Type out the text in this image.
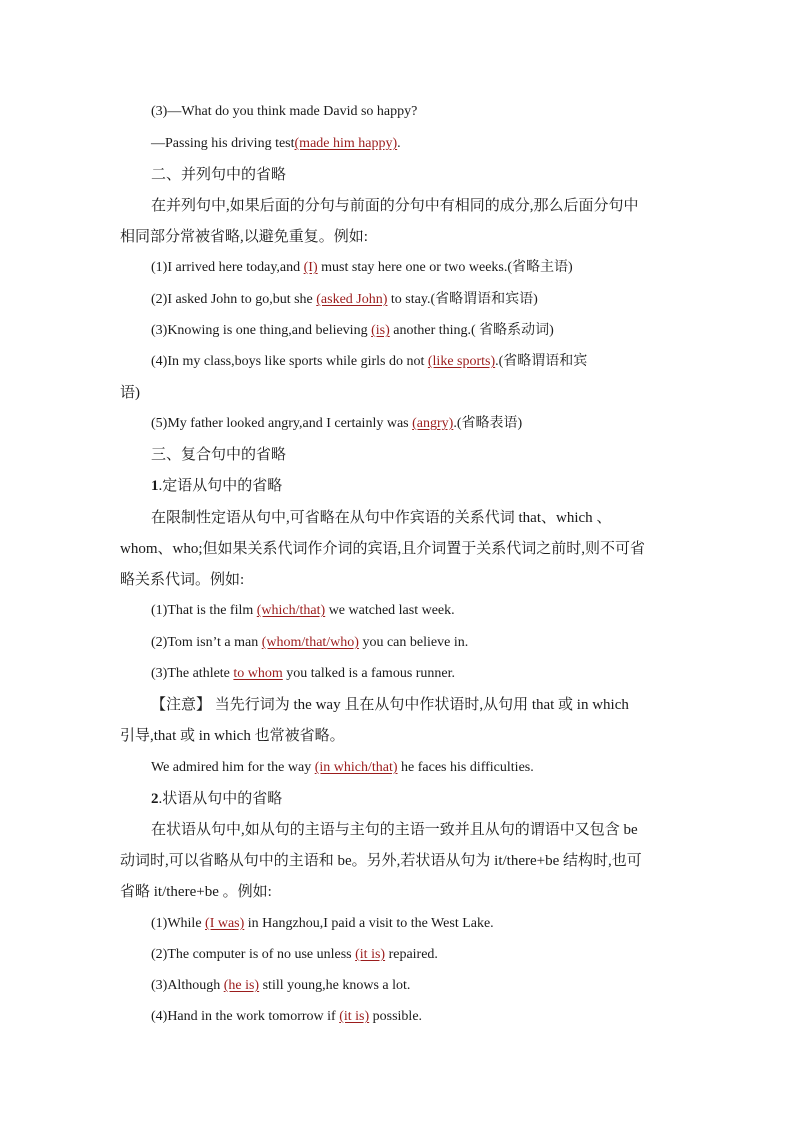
(3)—What do you think made David so happy?
—Passing his driving test(made him happy).
二、并列句中的省略
在并列句中,如果后面的分句与前面的分句中有相同的成分,那么后面分句中
相同部分常被省略,以避免重复。例如:
(1)I arrived here today,and (I) must stay here one or two weeks.(省略主语)
(2)I asked John to go,but she (asked John) to stay.(省略谓语和宾语)
(3)Knowing is one thing,and believing (is) another thing.( 省略系动词)
(4)In my class,boys like sports while girls do not (like sports).(省略谓语和宾
语)
(5)My father looked angry,and I certainly was (angry).(省略表语)
三、复合句中的省略
1.定语从句中的省略
在限制性定语从句中,可省略在从句中作宾语的关系代词 that、which 、
whom、who;但如果关系代词作介词的宾语,且介词置于关系代词之前时,则不可省
略关系代词。例如:
(1)That is the film (which/that) we watched last week.
(2)Tom isn’t a man (whom/that/who) you can believe in.
(3)The athlete to whom you talked is a famous runner.
【注意】 当先行词为 the way 且在从句中作状语时,从句用 that 或 in which
引导,that 或 in which 也常被省略。
We admired him for the way (in which/that) he faces his difficulties.
2.状语从句中的省略
在状语从句中,如从句的主语与主句的主语一致并且从句的谓语中又包含 be
动词时,可以省略从句中的主语和 be。另外,若状语从句为 it/there+be 结构时,也可
省略 it/there+be 。例如:
(1)While (I was) in Hangzhou,I paid a visit to the West Lake.
(2)The computer is of no use unless (it is) repaired.
(3)Although (he is) still young,he knows a lot.
(4)Hand in the work tomorrow if (it is) possible.
